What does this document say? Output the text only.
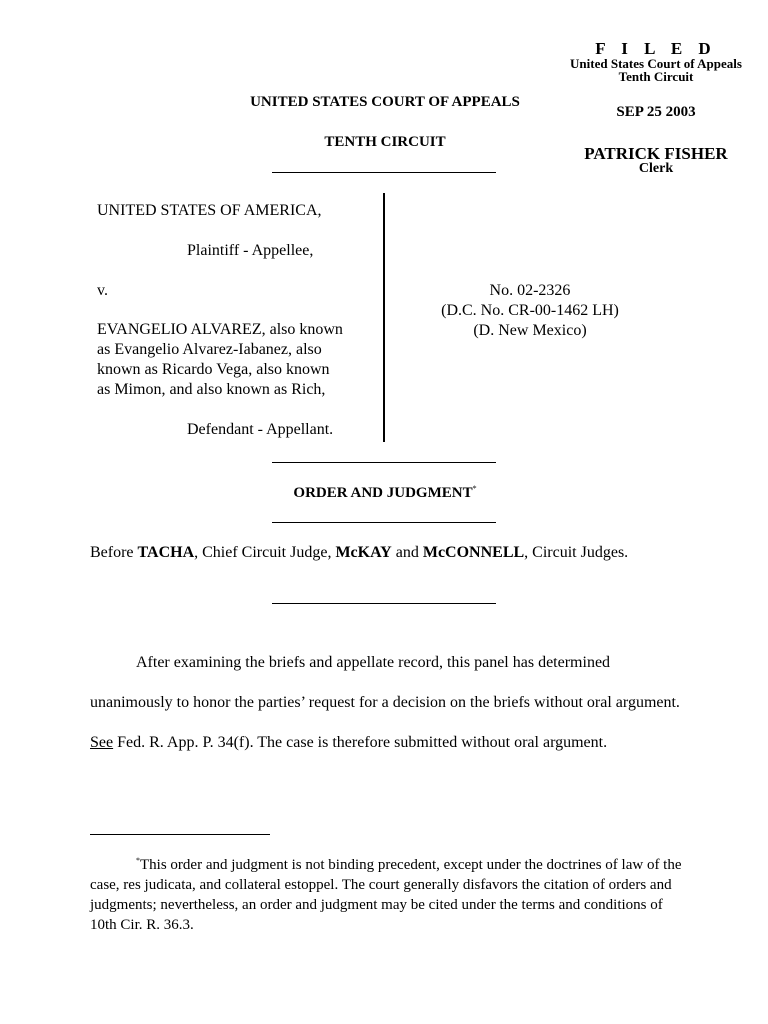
F I L E D
United States Court of Appeals
Tenth Circuit
SEP 25 2003
PATRICK FISHER
Clerk
UNITED STATES COURT OF APPEALS
TENTH CIRCUIT
UNITED STATES OF AMERICA,
Plaintiff - Appellee,
v.
EVANGELIO ALVAREZ, also known
as Evangelio Alvarez-Iabanez, also
known as Ricardo Vega, also known
as Mimon, and also known as Rich,
Defendant - Appellant.
No. 02-2326
(D.C. No. CR-00-1462 LH)
(D. New Mexico)
ORDER AND JUDGMENT*
Before TACHA, Chief Circuit Judge, McKAY and McCONNELL, Circuit Judges.

After examining the briefs and appellate record, this panel has determined unanimously to honor the parties’ request for a decision on the briefs without oral argument. See Fed. R. App. P. 34(f). The case is therefore submitted without oral argument.

*This order and judgment is not binding precedent, except under the doctrines of law of the case, res judicata, and collateral estoppel. The court generally disfavors the citation of orders and judgments; nevertheless, an order and judgment may be cited under the terms and conditions of 10th Cir. R. 36.3.
